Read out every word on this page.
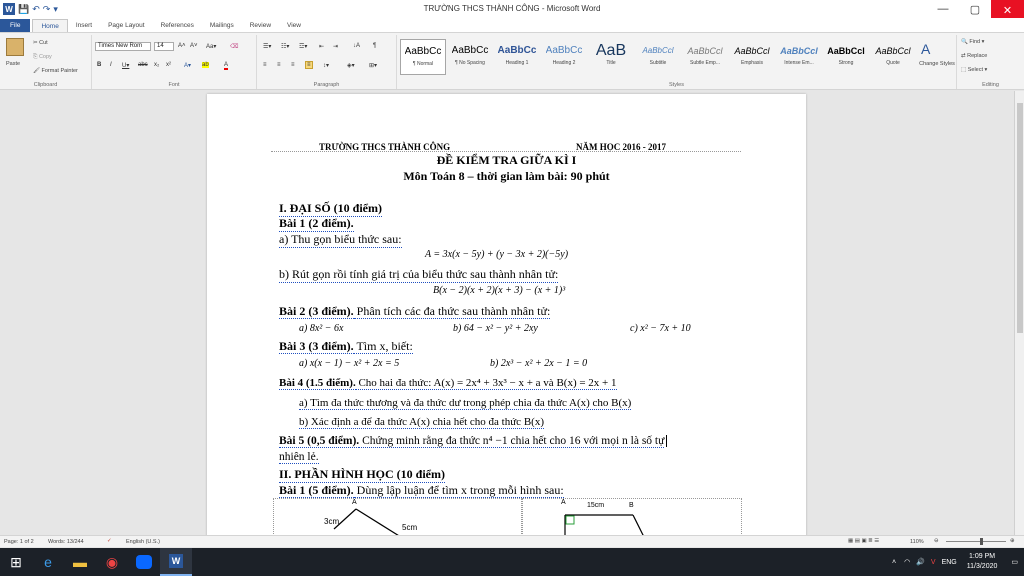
W 💾 ↶ ↷ ▾	TRƯỜNG THCS THÀNH CÔNG - Microsoft Word	—	▢	✕
File	Home	Insert	Page Layout	References	Mailings	Review	View
Paste
✂ Cut
⎘ Copy
🖌 Format Painter
Clipboard
Times New Rom	14	A˄ A˅ Aa▾ ⌫
B I U▾ abc x₂ x² A▾ ab	A
Font
☰▾ ☷▾ ☲▾ ⇤ ⇥ ↓A ¶
≡ ≡ ≡	≡	↕▾	◈▾ ⊞▾
Paragraph
AaBbCc
¶ Normal
AaBbCc
¶ No Spacing
AaBbCc
Heading 1
AaBbCc
Heading 2
AaB
Title
AaBbCcl
Subtitle
AaBbCcl
Subtle Emp...
AaBbCcl
Emphasis
AaBbCcl
Intense Em...
AaBbCcl
Strong
AaBbCcl
Quote
A
Change Styles
Styles
🔍 Find ▾
⇄ Replace
⬚ Select ▾
Editing
TRƯỜNG THCS THÀNH CÔNG	NĂM HỌC 2016 - 2017
ĐỀ KIỂM TRA GIỮA KÌ I
Môn Toán 8 – thời gian làm bài: 90 phút
I. ĐẠI SỐ (10 điểm)
Bài 1 (2 điểm).
a) Thu gọn biểu thức sau:
A = 3x(x − 5y) + (y − 3x + 2)(−5y)
b) Rút gọn rồi tính giá trị của biểu thức sau thành nhân tử:
B(x − 2)(x + 2)(x + 3) − (x + 1)³
Bài 2 (3 điểm). Phân tích các đa thức sau thành nhân tử:
a) 8x² − 6x	b) 64 − x² − y² + 2xy	c) x² − 7x + 10
Bài 3 (3 điểm). Tìm x, biết:
a) x(x − 1) − x² + 2x = 5	b) 2x³ − x² + 2x − 1 = 0
Bài 4 (1.5 điểm). Cho hai đa thức: A(x) = 2x⁴ + 3x³ − x + a và B(x) = 2x + 1
a) Tìm đa thức thương và đa thức dư trong phép chia đa thức A(x) cho B(x)
b) Xác định a để đa thức A(x) chia hết cho đa thức B(x)
Bài 5 (0,5 điểm). Chứng minh rằng đa thức n⁴ −1 chia hết cho 16 với mọi n là số tự
nhiên lẻ.
II. PHẦN HÌNH HỌC (10 điểm)
Bài 1 (5 điểm). Dùng lập luận để tìm x trong mỗi hình sau:
A
3cm
5cm
A	B
15cm
Page: 1 of 2	Words: 13/244	✓	English (U.S.)	▦ ▤ ▣ ≣ ☰	110% ⊖	⊕
⊞	e	▬	◉	W	˄ ◠ 🔊 V ENG
1:09 PM
11/3/2020
▭
